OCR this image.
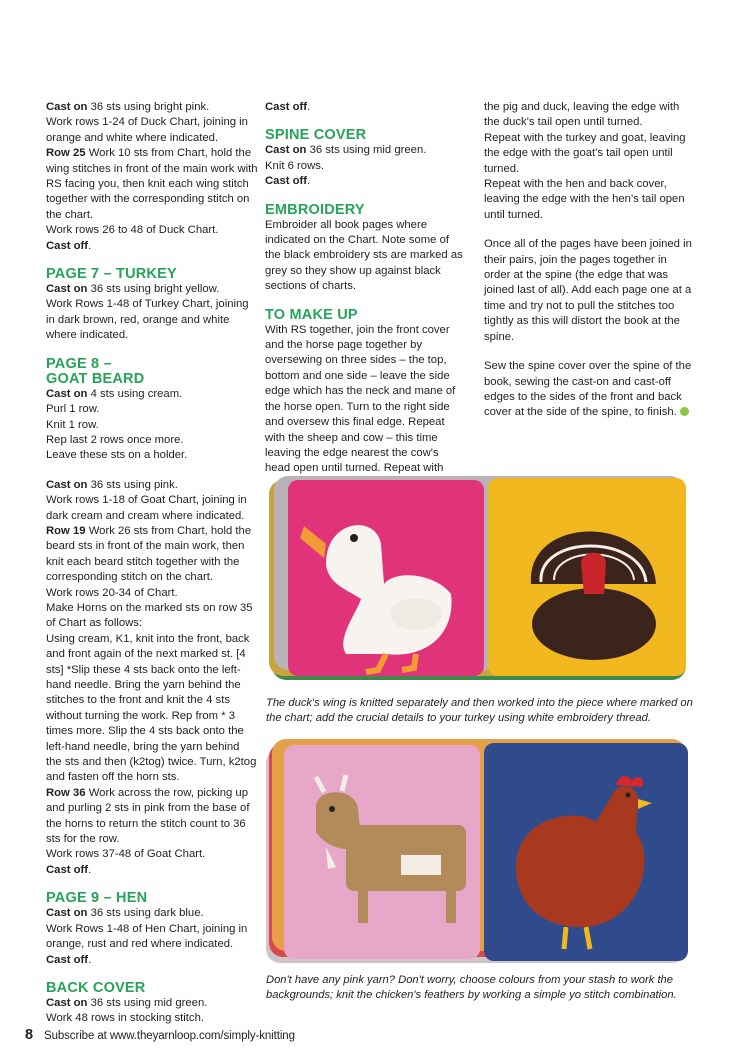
Cast on 36 sts using bright pink.
Work rows 1-24 of Duck Chart, joining in orange and white where indicated.
Row 25 Work 10 sts from Chart, hold the wing stitches in front of the main work with RS facing you, then knit each wing stitch together with the corresponding stitch on the chart.
Work rows 26 to 48 of Duck Chart.
Cast off.

PAGE 7 – TURKEY

Cast on 36 sts using bright yellow.
Work Rows 1-48 of Turkey Chart, joining in dark brown, red, orange and white where indicated.

PAGE 8 –
GOAT BEARD

Cast on 4 sts using cream.
Purl 1 row.
Knit 1 row.
Rep last 2 rows once more.
Leave these sts on a holder.

Cast on 36 sts using pink.
Work rows 1-18 of Goat Chart, joining in dark cream and cream where indicated.
Row 19 Work 26 sts from Chart, hold the beard sts in front of the main work, then knit each beard stitch together with the corresponding stitch on the chart.
Work rows 20-34 of Chart.
Make Horns on the marked sts on row 35 of Chart as follows:
Using cream, K1, knit into the front, back and front again of the next marked st. [4 sts] *Slip these 4 sts back onto the left-hand needle. Bring the yarn behind the stitches to the front and knit the 4 sts without turning the work. Rep from * 3 times more. Slip the 4 sts back onto the left-hand needle, bring the yarn behind the sts and then (k2tog) twice. Turn, k2tog and fasten off the horn sts.
Row 36 Work across the row, picking up and purling 2 sts in pink from the base of the horns to return the stitch count to 36 sts for the row.
Work rows 37-48 of Goat Chart.
Cast off.

PAGE 9 – HEN

Cast on 36 sts using dark blue.
Work Rows 1-48 of Hen Chart, joining in orange, rust and red where indicated.
Cast off.

BACK COVER

Cast on 36 sts using mid green.
Work 48 rows in stocking stitch.

Cast off.

SPINE COVER

Cast on 36 sts using mid green.
Knit 6 rows.
Cast off.

EMBROIDERY

Embroider all book pages where indicated on the Chart. Note some of the black embroidery sts are marked as grey so they show up against black sections of charts.

TO MAKE UP

With RS together, join the front cover and the horse page together by oversewing on three sides – the top, bottom and one side – leave the side edge which has the neck and mane of the horse open. Turn to the right side and oversew this final edge. Repeat with the sheep and cow – this time leaving the edge nearest the cow's head open until turned. Repeat with

the pig and duck, leaving the edge with the duck's tail open until turned.

Repeat with the turkey and goat, leaving the edge with the goat's tail open until turned.

Repeat with the hen and back cover, leaving the edge with the hen's tail open until turned.

Once all of the pages have been joined in their pairs, join the pages together in order at the spine (the edge that was joined last of all). Add each page one at a time and try not to pull the stitches too tightly as this will distort the book at the spine.

Sew the spine cover over the spine of the book, sewing the cast-on and cast-off edges to the sides of the front and back cover at the side of the spine, to finish.

The duck's wing is knitted separately and then worked into the piece where marked on the chart; add the crucial details to your turkey using white embroidery thread.

Don't have any pink yarn? Don't worry, choose colours from your stash to work the backgrounds; knit the chicken's feathers by working a simple yo stitch combination.

8 Subscribe at www.theyarnloop.com/simply-knitting
